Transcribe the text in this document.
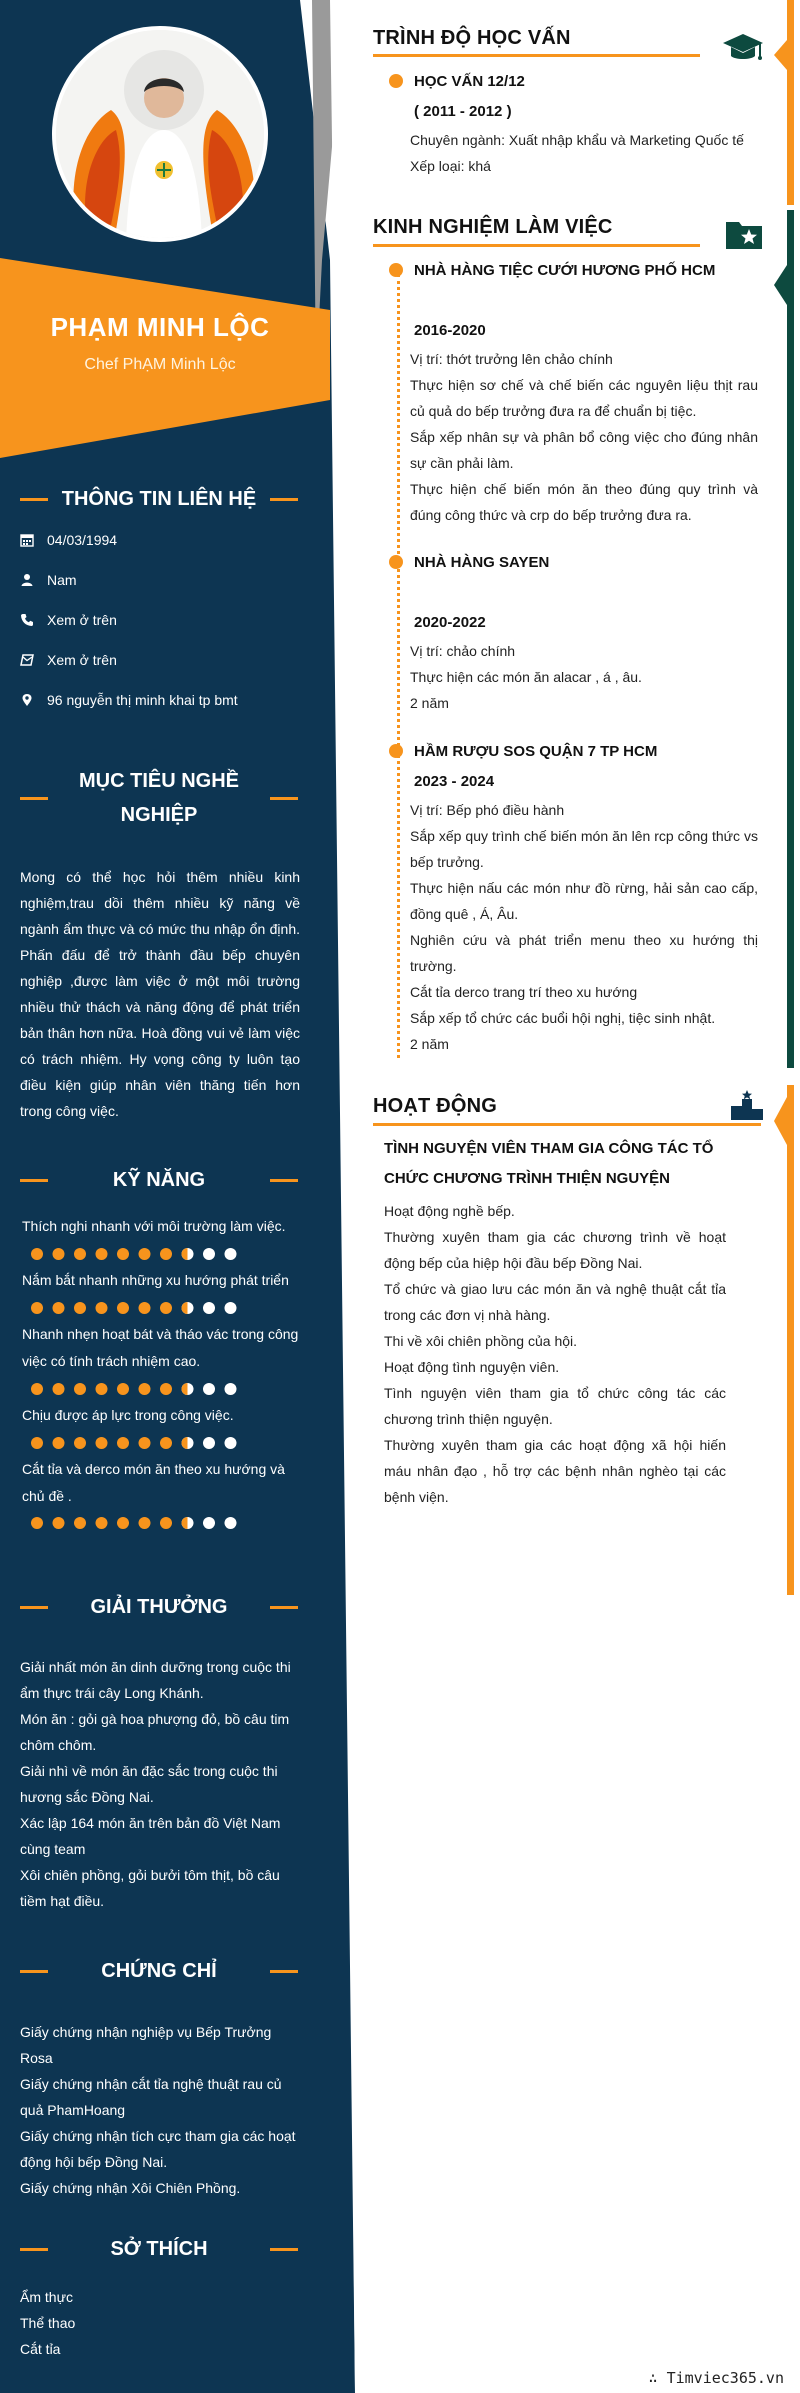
PHẠM MINH LỘC
Chef PhẠM Minh Lộc
THÔNG TIN LIÊN HỆ
04/03/1994
Nam
Xem ở trên
Xem ở trên
96 nguyễn thị minh khai tp bmt
MỤC TIÊU NGHỀ
NGHIỆP
Mong có thể học hỏi thêm nhiều kinh nghiệm,trau dồi thêm nhiều kỹ năng về ngành ẩm thực và có mức thu nhập ổn định. Phấn đấu để trở thành đầu bếp chuyên nghiệp ,được làm việc ở một môi trường nhiều thử thách và năng động để phát triển bản thân hơn nữa. Hoà đồng vui vẻ làm việc có trách nhiệm. Hy vọng công ty luôn tạo điều kiện giúp nhân viên thăng tiến hơn trong công việc.
KỸ NĂNG
Thích nghi nhanh với môi trường làm việc.
Nắm bắt nhanh những xu hướng phát triển
Nhanh nhẹn hoạt bát và tháo vác trong công việc có tính trách nhiệm cao.
Chịu được áp lực trong công việc.
Cắt tỉa và derco món ăn theo xu hướng và chủ đề .
GIẢI THƯỞNG

Giải nhất món ăn dinh dưỡng trong cuộc thi ẩm thực trái cây Long Khánh.

Món ăn : gỏi gà hoa phượng đỏ, bồ câu tim chôm chôm.

Giải nhì về món ăn đặc sắc trong cuộc thi hương sắc Đồng Nai.

Xác lập 164 món ăn trên bản đồ Việt Nam cùng team

Xôi chiên phồng, gỏi bưởi tôm thịt, bồ câu tiềm hạt điều.

CHỨNG CHỈ

Giấy chứng nhận nghiệp vụ Bếp Trưởng Rosa

Giấy chứng nhận cắt tỉa nghệ thuật rau củ quả PhamHoang

Giấy chứng nhận tích cực tham gia các hoạt động hội bếp Đồng Nai.

Giấy chứng nhận Xôi Chiên Phồng.

SỞ THÍCH

Ẩm thực

Thể thao

Cắt tỉa

TRÌNH ĐỘ HỌC VẤN
HỌC VẤN 12/12
( 2011 - 2012 )

Chuyên ngành: Xuất nhập khẩu và Marketing Quốc tế

Xếp loại: khá

KINH NGHIỆM LÀM VIỆC
NHÀ HÀNG TIỆC CƯỚI HƯƠNG PHỐ HCM
2016-2020

Vị trí: thớt trưởng lên chảo chính

Thực hiện sơ chế và chế biến các nguyên liệu thịt rau củ quả do bếp trưởng đưa ra để chuẩn bị tiệc.

Sắp xếp nhân sự và phân bổ công việc cho đúng nhân sự cần phải làm.

Thực hiện chế biến món ăn theo đúng quy trình và đúng công thức và crp do bếp trưởng đưa ra.

NHÀ HÀNG SAYEN
2020-2022

Vị trí: chảo chính

Thực hiện các món ăn alacar , á , âu.

2 năm

HẦM RƯỢU SOS QUẬN 7 TP HCM
2023 - 2024

Vị trí: Bếp phó điều hành

Sắp xếp quy trình chế biến món ăn lên rcp công thức vs bếp trưởng.

Thực hiện nấu các món như đồ rừng, hải sản cao cấp, đồng quê , Á, Âu.

Nghiên cứu và phát triển menu theo xu hướng thị trường.

Cắt tỉa derco trang trí theo xu hướng

Sắp xếp tổ chức các buổi hội nghị, tiệc sinh nhật.

2 năm

HOẠT ĐỘNG
TÌNH NGUYỆN VIÊN THAM GIA CÔNG TÁC TỔ CHỨC CHƯƠNG TRÌNH THIỆN NGUYỆN

Hoạt động nghề bếp.

Thường xuyên tham gia các chương trình về hoạt động bếp của hiệp hội đầu bếp Đồng Nai.

Tổ chức và giao lưu các món ăn và nghệ thuật cắt tỉa trong các đơn vị nhà hàng.

Thi về xôi chiên phồng của hội.

Hoạt động tình nguyện viên.

Tình nguyện viên tham gia tổ chức công tác các chương trình thiện nguyện.

Thường xuyên tham gia các hoạt động xã hội hiến máu nhân đạo , hỗ trợ các bệnh nhân nghèo tại các bệnh viện.

∴ Timviec365.vn
